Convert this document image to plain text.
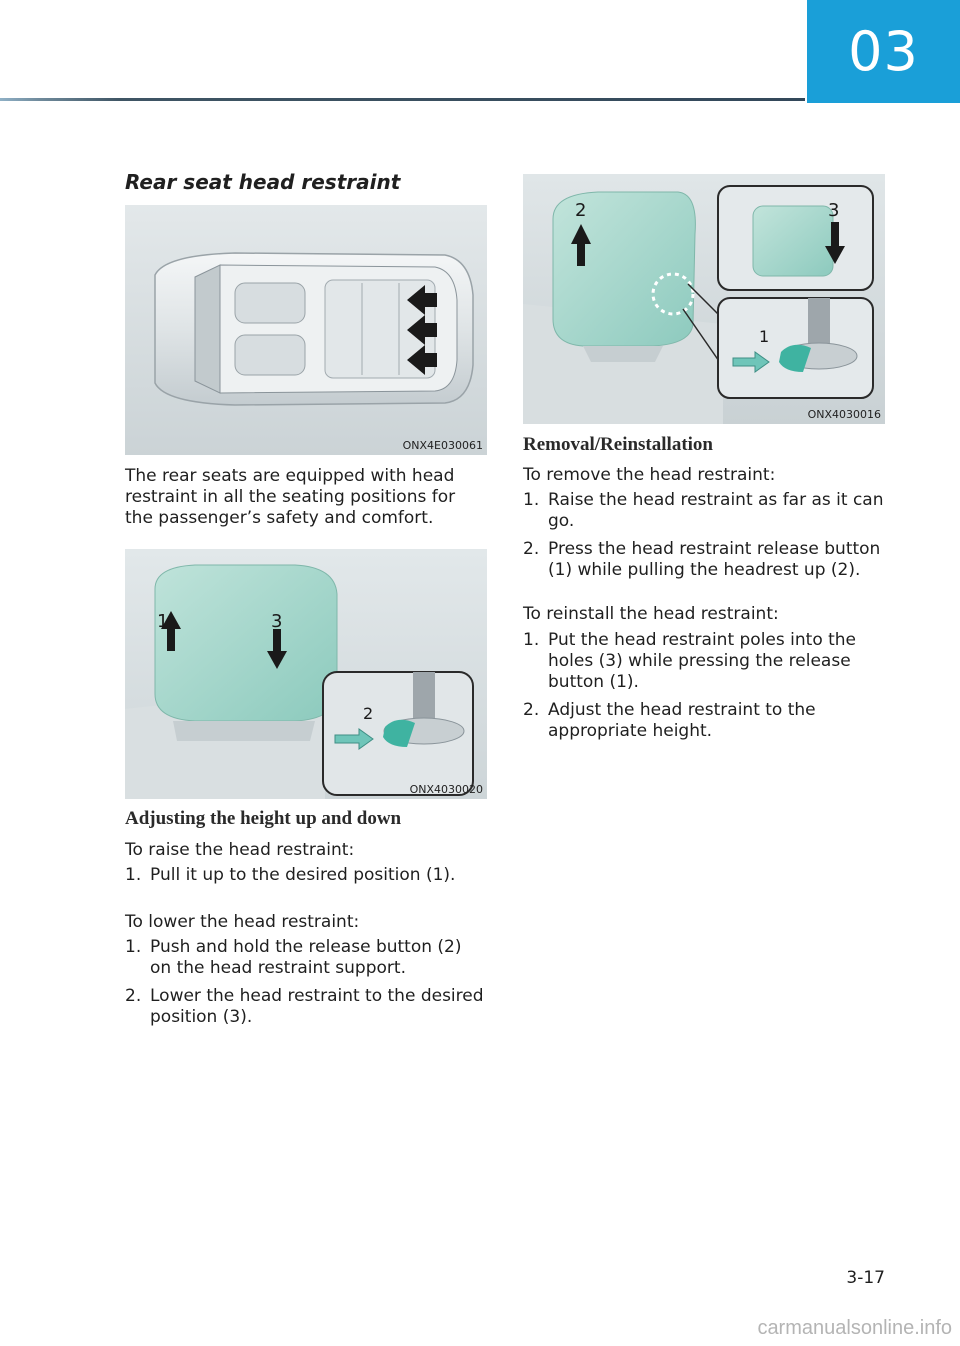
03
Rear seat head restraint
ONX4E030061
The rear seats are equipped with head restraint in all the seating positions for the passenger’s safety and comfort.
1	3
2
ONX4030020
Adjusting the height up and down
To raise the head restraint:
1. Pull it up to the desired position (1).
To lower the head restraint:
1. Push and hold the release button (2) on the head restraint support.
2. Lower the head restraint to the desired position (3).
2	3
1
ONX4030016
Removal/Reinstallation
To remove the head restraint:
1. Raise the head restraint as far as it can go.
2. Press the head restraint release button (1) while pulling the headrest up (2).
To reinstall the head restraint:
1. Put the head restraint poles into the holes (3) while pressing the release button (1).
2. Adjust the head restraint to the appropriate height.
3-17
carmanualsonline.info
